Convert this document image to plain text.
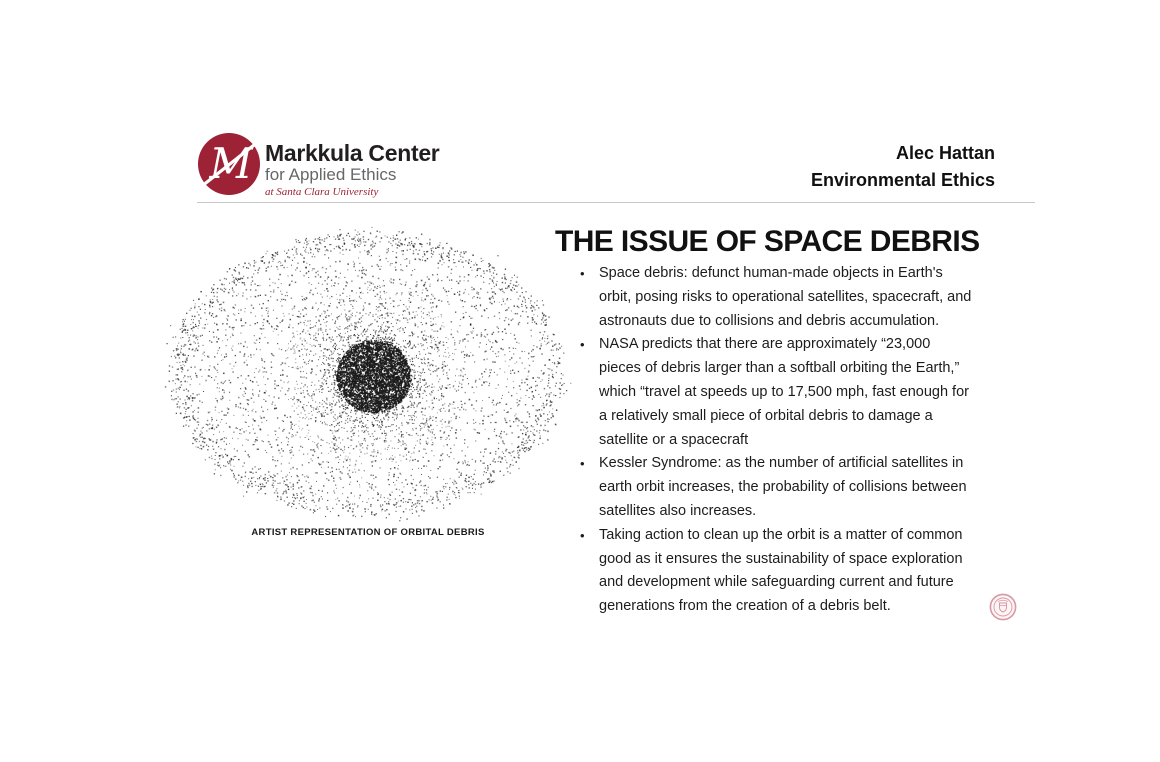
M Markkula Center
for Applied Ethics
at Santa Clara University
Alec Hattan
Environmental Ethics
ARTIST REPRESENTATION OF ORBITAL DEBRIS
THE ISSUE OF SPACE DEBRIS
• Space debris: defunct human-made objects in Earth's orbit, posing risks to operational satellites, spacecraft, and astronauts due to collisions and debris accumulation.
• NASA predicts that there are approximately “23,000 pieces of debris larger than a softball orbiting the Earth,” which “travel at speeds up to 17,500 mph, fast enough for a relatively small piece of orbital debris to damage a satellite or a spacecraft
• Kessler Syndrome: as the number of artificial satellites in earth orbit increases, the probability of collisions between satellites also increases.
• Taking action to clean up the orbit is a matter of common good as it ensures the sustainability of space exploration and development while safeguarding current and future generations from the creation of a debris belt.
